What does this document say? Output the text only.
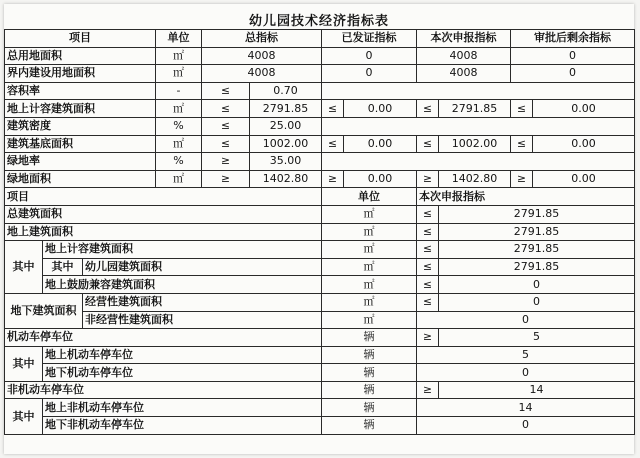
幼儿园技术经济指标表
项目			单位	总指标		已发证指标		本次申报指标		审批后剩余指标	
总用地面积			㎡	4008		0		4008		0	
界内建设用地面积			㎡	4008		0		4008		0	
容积率			-	≤	0.70						
地上计容建筑面积			㎡	≤	2791.85	≤	0.00	≤	2791.85	≤	0.00
建筑密度			%	≤	25.00						
建筑基底面积			㎡	≤	1002.00	≤	0.00	≤	1002.00	≤	0.00
绿地率			%	≥	35.00						
绿地面积			㎡	≥	1402.80	≥	0.00	≥	1402.80	≥	0.00
项目						单位		本次申报指标			
总建筑面积						㎡		≤	2791.85		
地上建筑面积						㎡		≤	2791.85		
其中	地上计容建筑面积					㎡		≤	2791.85		
	其中	幼儿园建筑面积				㎡		≤	2791.85		
	地上鼓励兼容建筑面积					㎡		≤	0		
地下建筑面积		经营性建筑面积				㎡		≤	0		
		非经营性建筑面积				㎡		0			
机动车停车位						辆		≥	5		
其中	地上机动车停车位					辆		5			
	地下机动车停车位					辆		0			
非机动车停车位						辆		≥	14		
其中	地上非机动车停车位					辆		14			
	地下非机动车停车位					辆		0			
